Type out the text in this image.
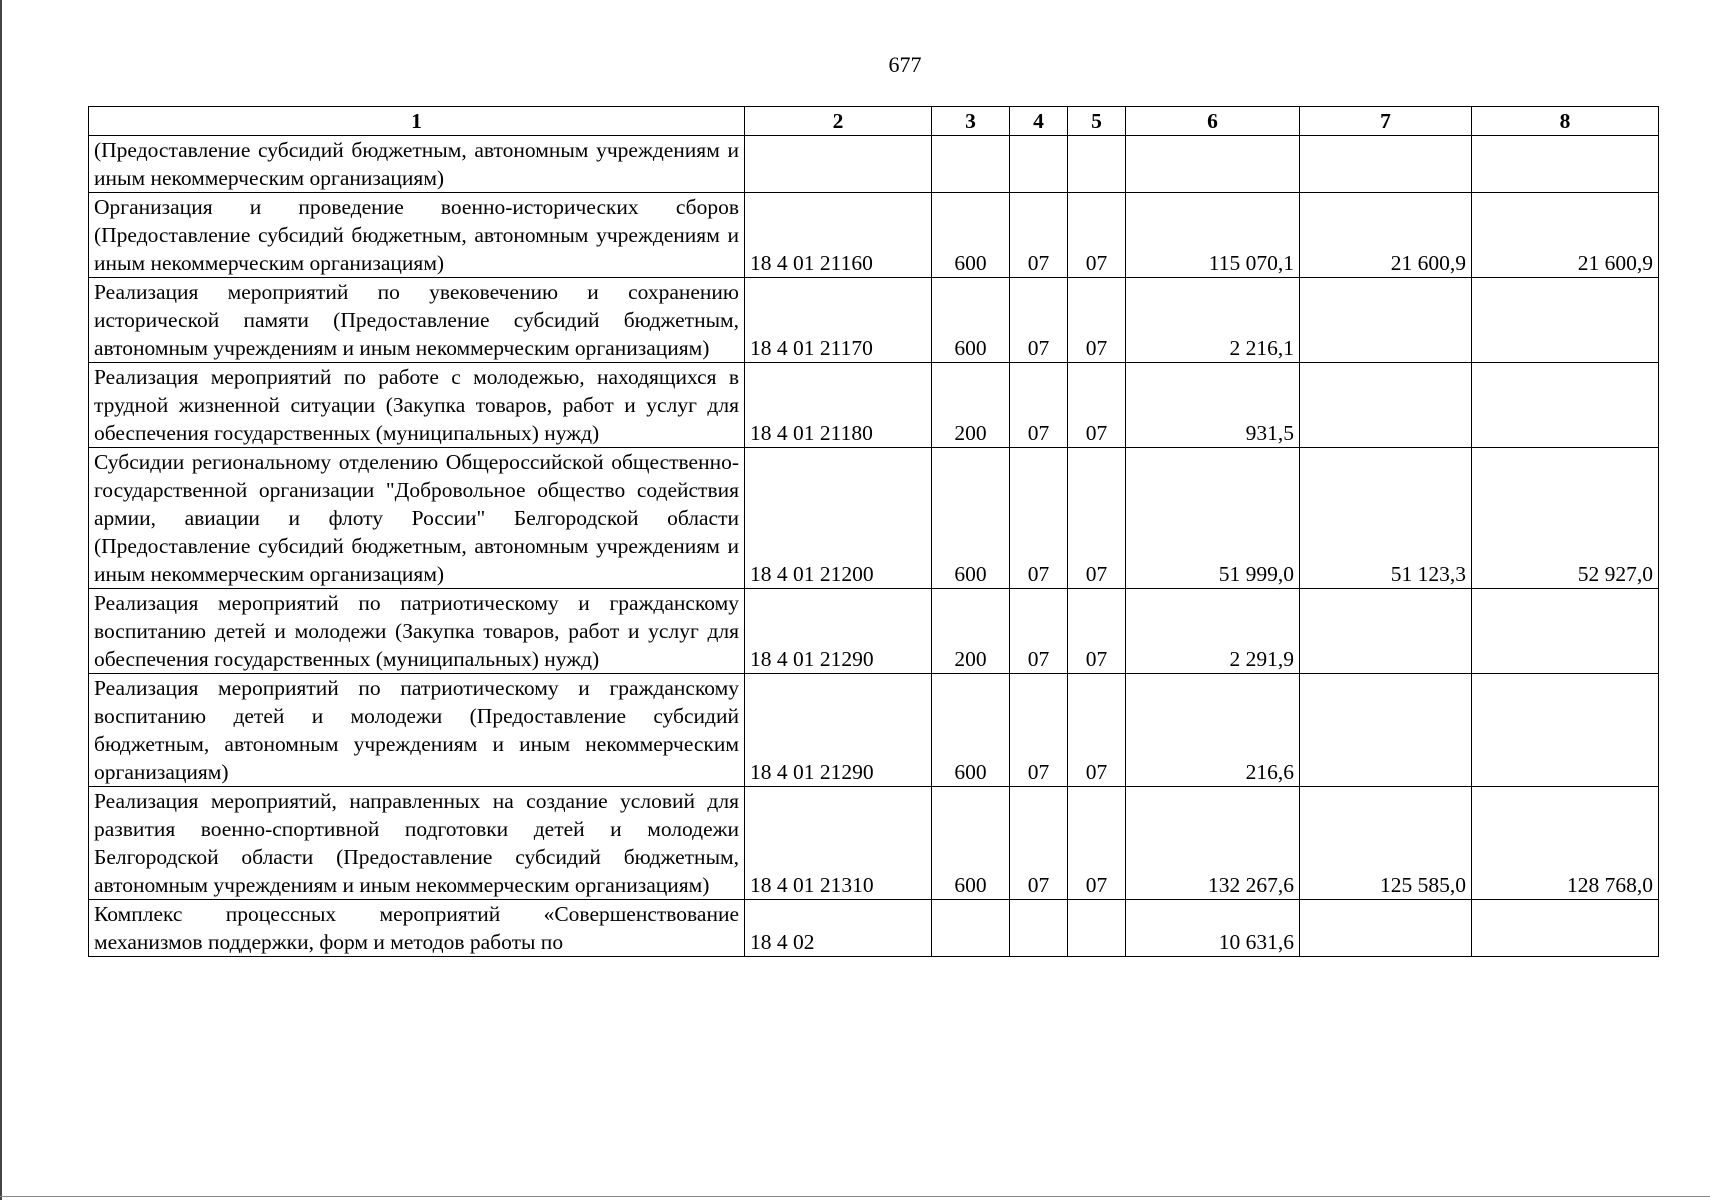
677
1	2	3	4	5	6	7	8
(Предоставление субсидий бюджетным, автономным учреждениям и иным некоммерческим организациям)							
Организация и проведение военно-исторических сборов (Предоставление субсидий бюджетным, автономным учреждениям и иным некоммерческим организациям)	18 4 01 21160	600	07	07	115 070,1	21 600,9	21 600,9
Реализация мероприятий по увековечению и сохранению исторической памяти (Предоставление субсидий бюджетным, автономным учреждениям и иным некоммерческим организациям)	18 4 01 21170	600	07	07	2 216,1		
Реализация мероприятий по работе с молодежью, находящихся в трудной жизненной ситуации (Закупка товаров, работ и услуг для обеспечения государственных (муниципальных) нужд)	18 4 01 21180	200	07	07	931,5		
Субсидии региональному отделению Общероссийской общественно-государственной организации "Добровольное общество содействия армии, авиации и флоту России" Белгородской области (Предоставление субсидий бюджетным, автономным учреждениям и иным некоммерческим организациям)	18 4 01 21200	600	07	07	51 999,0	51 123,3	52 927,0
Реализация мероприятий по патриотическому и гражданскому воспитанию детей и молодежи (Закупка товаров, работ и услуг для обеспечения государственных (муниципальных) нужд)	18 4 01 21290	200	07	07	2 291,9		
Реализация мероприятий по патриотическому и гражданскому воспитанию детей и молодежи (Предоставление субсидий бюджетным, автономным учреждениям и иным некоммерческим организациям)	18 4 01 21290	600	07	07	216,6		
Реализация мероприятий, направленных на создание условий для развития военно-спортивной подготовки детей и молодежи Белгородской области (Предоставление субсидий бюджетным, автономным учреждениям и иным некоммерческим организациям)	18 4 01 21310	600	07	07	132 267,6	125 585,0	128 768,0
Комплекс процессных мероприятий «Совершенствование механизмов поддержки, форм и методов работы по	18 4 02				10 631,6		
